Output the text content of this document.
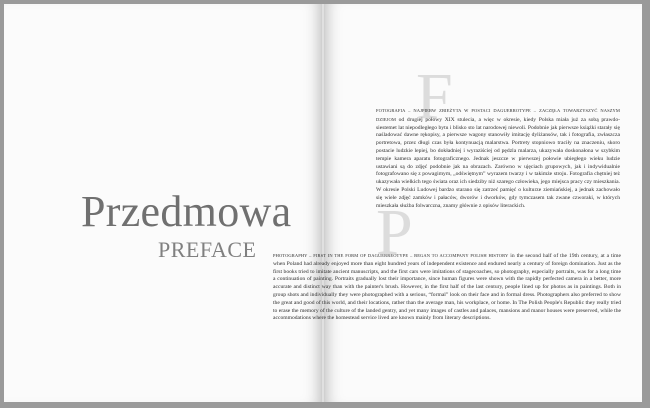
Przedmowa
PREFACE
F
P

FOTOGRAFIA – NAJPIERW ZBIEŻYTA W POSTACI DAGUERROTYPE – ZACZĘŁA TOWARZYSZYĆ NASZYM DZIEJOM od drugiej połowy XIX stulecia, a więc w okresie, kiedy Polska miała już za sobą prawdo-siestemet lat niepodległego bytu i blisko sto lat narodowej niewoli. Podobnie jak pierwsze książki starały się naśladować dawne rękopisy, a pierwsze wagony stanowiły imitację dyliżansów, tak i fotografia, zwłaszcza portretowa, przez długi czas była kontynuacją malarstwa. Portrety stopniowo traciły na znaczeniu, skoro postacie ludzkie lepiej, bo dokładniej i wyraziściej od pędzla malarza, ukazywała doskonałona w szybkim tempie kamera aparatu fotograficznego. Jednak jeszcze w pierwszej połowie ubiegłego wieku ludzie ustawiani są do zdjęć podobnie jak na obrazach. Zarówno w ujęciach grupowych, jak i indywidualnie fotografowano się z powagimym, „odświętnym” wyrazem twarzy i w takimże stroju. Fotografia chętniej też ukazywała wielkich tego świata oraz ich siedziby niż szarego człowieka, jego miejsca pracy czy mieszkania. W okresie Polski Ludowej bardzo starano się zatrzeć pamięć o kulturze ziemiańskiej, a jednak zachowało się wiele zdjęć zamków i pałaców, dworów i dworków, gdy tymczasem tak zwane czworaki, w których mieszkała służba folwarczna, znamy głównie z opisów literackich.

PHOTOGRAPHY – FIRST IN THE FORM OF DAGUERREOTYPE – BEGAN TO ACCOMPANY POLISH HISTORY in the second half of the 19th century, at a time when Poland had already enjoyed more than eight hundred years of independent existence and endured nearly a century of foreign domination. Just as the first books tried to imitate ancient manuscripts, and the first cars were imitations of stagecoaches, so photography, especially portraits, was for a long time a continuation of painting. Portraits gradually lost their importance, since human figures were shown with the rapidly perfected camera in a better, more accurate and distinct way than with the painter's brush. However, in the first half of the last century, people lined up for photos as in paintings. Both in group shots and individually they were photographed with a serious, “formal” look on their face and in formal dress. Photographers also preferred to show the great and good of this world, and their locations, rather than the average man, his workplace, or home. In The Polish People's Republic they really tried to erase the memory of the culture of the landed gentry, and yet many images of castles and palaces, mansions and manor houses were preserved, while the accommodations where the homestead service lived are known mainly from literary descriptions.
